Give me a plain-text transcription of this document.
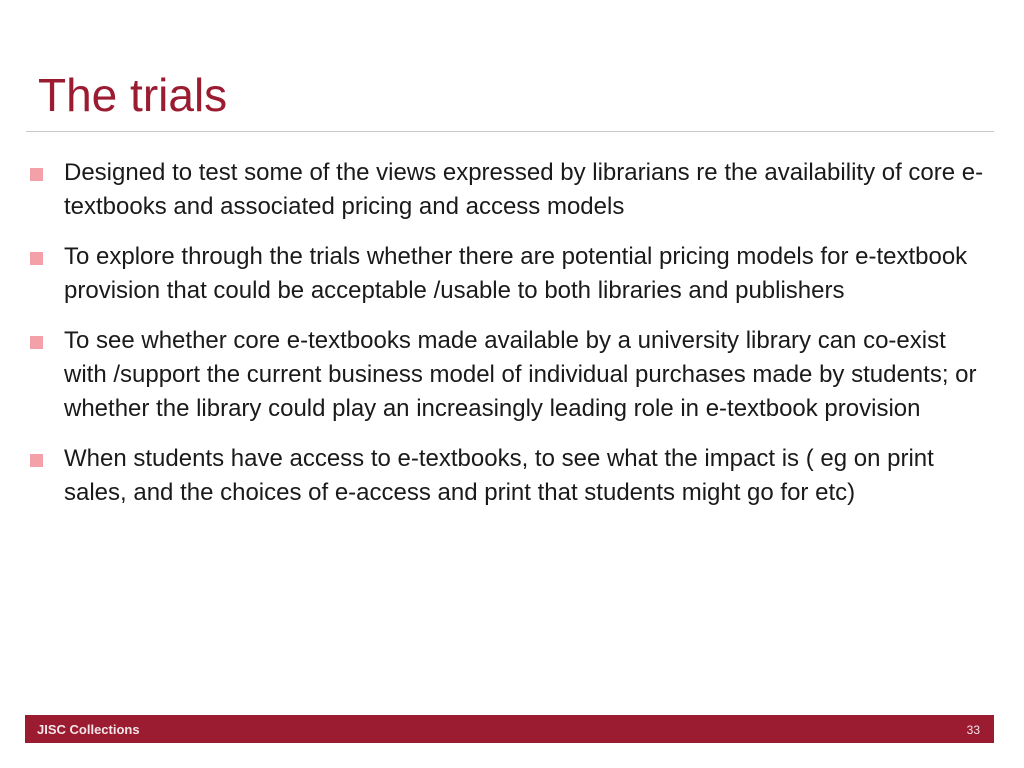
The trials
Designed to test some of the views expressed by librarians re the availability of core e-textbooks and associated pricing and access models
To explore through the trials whether there are potential pricing models for e-textbook provision that could be acceptable /usable to both libraries and publishers
To see whether core e-textbooks made available by a university library can co-exist with /support the current business model of individual purchases made by students; or whether the library could play an increasingly leading role in e-textbook provision
When students have access to e-textbooks, to see what the impact is ( eg on print sales, and the choices of e-access and print that students might go for etc)
JISC Collections	33
